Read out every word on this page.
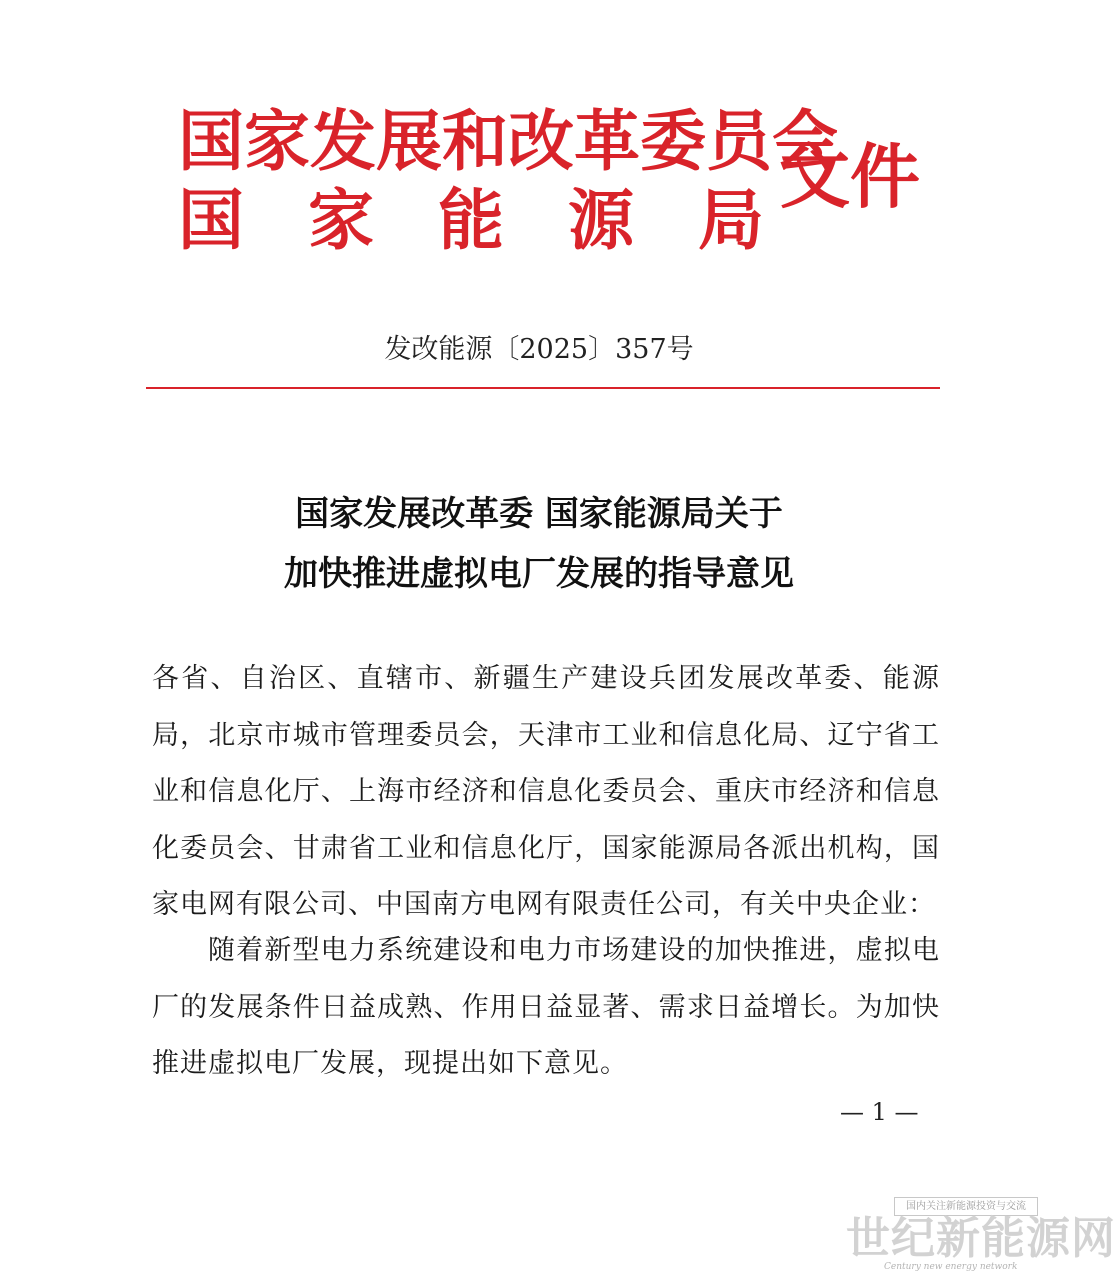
国家发展和改革委员会
国家能源局
文件
发改能源〔2025〕357号
国家发展改革委 国家能源局关于
加快推进虚拟电厂发展的指导意见
各省、自治区、直辖市、新疆生产建设兵团发展改革委、能源局，北京市城市管理委员会，天津市工业和信息化局、辽宁省工业和信息化厅、上海市经济和信息化委员会、重庆市经济和信息化委员会、甘肃省工业和信息化厅，国家能源局各派出机构，国家电网有限公司、中国南方电网有限责任公司，有关中央企业：
随着新型电力系统建设和电力市场建设的加快推进，虚拟电厂的发展条件日益成熟、作用日益显著、需求日益增长。为加快推进虚拟电厂发展，现提出如下意见。
— 1 —
国内关注新能源投资与交流
世纪新能源网
Century new energy network
